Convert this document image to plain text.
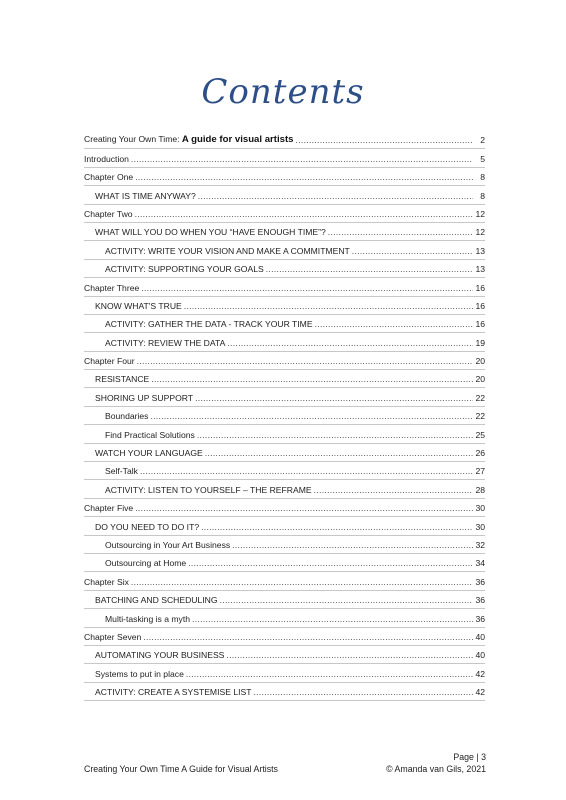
Contents
Creating Your Own Time: A guide for visual artists .....	2
Introduction .....	5
Chapter One .....	8
WHAT IS TIME ANYWAY? .....	8
Chapter Two .....	12
WHAT WILL YOU DO WHEN YOU “HAVE ENOUGH TIME”? .....	12
ACTIVITY: WRITE YOUR VISION AND MAKE A COMMITMENT .....	13
ACTIVITY: SUPPORTING YOUR GOALS .....	13
Chapter Three .....	16
KNOW WHAT'S TRUE .....	16
ACTIVITY: GATHER THE DATA - TRACK YOUR TIME .....	16
ACTIVITY: REVIEW THE DATA .....	19
Chapter Four .....	20
RESISTANCE .....	20
SHORING UP SUPPORT .....	22
Boundaries .....	22
Find Practical Solutions .....	25
WATCH YOUR LANGUAGE .....	26
Self-Talk .....	27
ACTIVITY: LISTEN TO YOURSELF – THE REFRAME .....	28
Chapter Five .....	30
DO YOU NEED TO DO IT? .....	30
Outsourcing in Your Art Business .....	32
Outsourcing at Home .....	34
Chapter Six .....	36
BATCHING AND SCHEDULING .....	36
Multi-tasking is a myth .....	36
Chapter Seven .....	40
AUTOMATING YOUR BUSINESS .....	40
Systems to put in place .....	42
ACTIVITY: CREATE A SYSTEMISE LIST .....	42
Page | 3
Creating Your Own Time A Guide for Visual Artists	© Amanda van Gils, 2021
